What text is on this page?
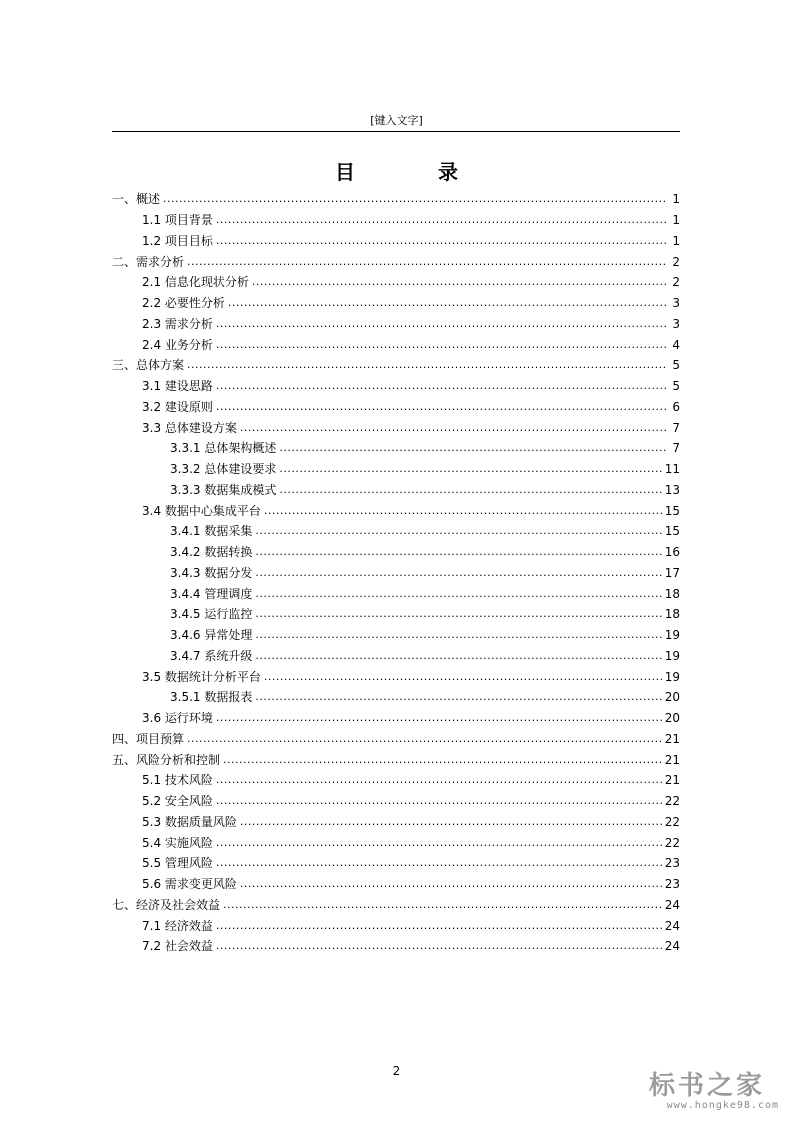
[键入文字]
目 录
一、概述 .....	1
1.1 项目背景 .....	1
1.2 项目目标 .....	1
二、需求分析 .....	2
2.1 信息化现状分析 .....	2
2.2 必要性分析 .....	3
2.3 需求分析 .....	3
2.4 业务分析 .....	4
三、总体方案 .....	5
3.1 建设思路 .....	5
3.2 建设原则 .....	6
3.3 总体建设方案 .....	7
3.3.1 总体架构概述 .....	7
3.3.2 总体建设要求 .....	11
3.3.3 数据集成模式 .....	13
3.4 数据中心集成平台 .....	15
3.4.1 数据采集 .....	15
3.4.2 数据转换 .....	16
3.4.3 数据分发 .....	17
3.4.4 管理调度 .....	18
3.4.5 运行监控 .....	18
3.4.6 异常处理 .....	19
3.4.7 系统升级 .....	19
3.5 数据统计分析平台 .....	19
3.5.1 数据报表 .....	20
3.6 运行环境 .....	20
四、项目预算 .....	21
五、风险分析和控制 .....	21
5.1 技术风险 .....	21
5.2 安全风险 .....	22
5.3 数据质量风险 .....	22
5.4 实施风险 .....	22
5.5 管理风险 .....	23
5.6 需求变更风险 .....	23
七、经济及社会效益 .....	24
7.1 经济效益 .....	24
7.2 社会效益 .....	24
2	标书之家
www.hongke98.com
